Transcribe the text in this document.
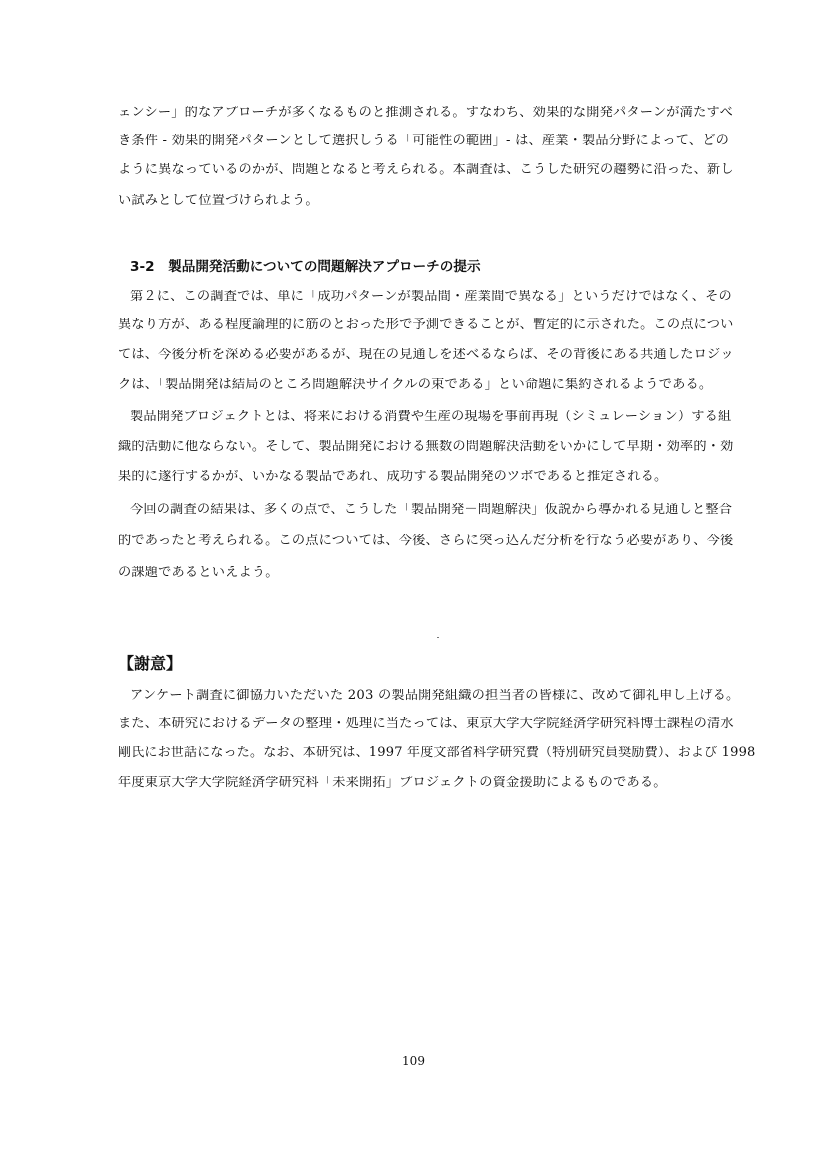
ェンシー」的なアプローチが多くなるものと推測される。すなわち、効果的な開発パターンが満たすべ
き条件 - 効果的開発パターンとして選択しうる「可能性の範囲」- は、産業・製品分野によって、どの
ように異なっているのかが、問題となると考えられる。本調査は、こうした研究の趨勢に沿った、新し
い試みとして位置づけられよう。
3-2　製品開発活動についての問題解決アプローチの提示
第２に、この調査では、単に「成功パターンが製品間・産業間で異なる」というだけではなく、その
異なり方が、ある程度論理的に筋のとおった形で予測できることが、暫定的に示された。この点につい
ては、今後分析を深める必要があるが、現在の見通しを述べるならば、その背後にある共通したロジッ
クは、「製品開発は結局のところ問題解決サイクルの束である」とい命題に集約されるようである。
製品開発プロジェクトとは、将来における消費や生産の現場を事前再現（シミュレーション）する組
織的活動に他ならない。そして、製品開発における無数の問題解決活動をいかにして早期・効率的・効
果的に遂行するかが、いかなる製品であれ、成功する製品開発のツボであると推定される。
今回の調査の結果は、多くの点で、こうした「製品開発－問題解決」仮説から導かれる見通しと整合
的であったと考えられる。この点については、今後、さらに突っ込んだ分析を行なう必要があり、今後
の課題であるといえよう。
【謝意】
アンケート調査に御協力いただいた 203 の製品開発組織の担当者の皆様に、改めて御礼申し上げる。
また、本研究におけるデータの整理・処理に当たっては、東京大学大学院経済学研究科博士課程の清水
剛氏にお世話になった。なお、本研究は、1997 年度文部省科学研究費（特別研究員奨励費）、および 1998
年度東京大学大学院経済学研究科「未来開拓」プロジェクトの資金援助によるものである。
109
